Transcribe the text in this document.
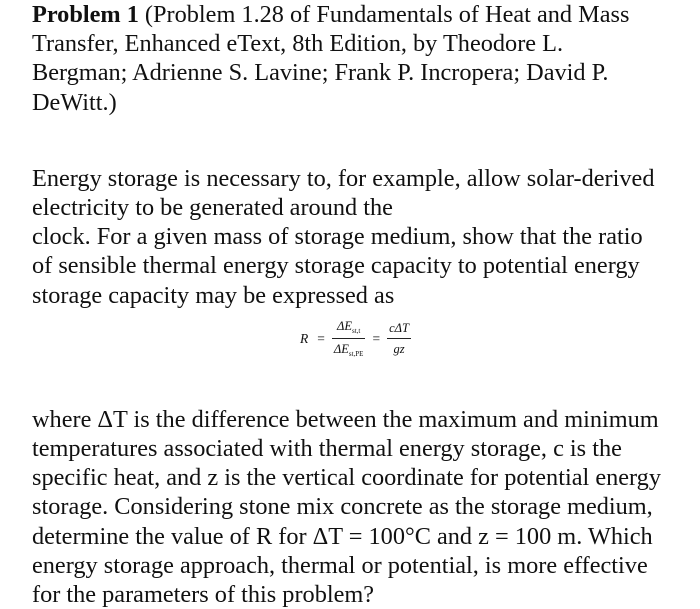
Problem 1 (Problem 1.28 of Fundamentals of Heat and Mass
Transfer, Enhanced eText, 8th Edition, by Theodore L.
Bergman; Adrienne S. Lavine; Frank P. Incropera; David P.
DeWitt.)

Energy storage is necessary to, for example, allow solar-derived
electricity to be generated around the
clock. For a given mass of storage medium, show that the ratio
of sensible thermal energy storage capacity to potential energy
storage capacity may be expressed as

$R = \frac{\Delta E_{st,t}}{\Delta E_{st,PE}} = \frac{\text{cΔT}}{gz}$

where ΔT is the difference between the maximum and minimum
temperatures associated with thermal energy storage, c is the
specific heat, and z is the vertical coordinate for potential energy
storage. Considering stone mix concrete as the storage medium,
determine the value of R for ΔT = 100°C and z = 100 m. Which
energy storage approach, thermal or potential, is more effective
for the parameters of this problem?
